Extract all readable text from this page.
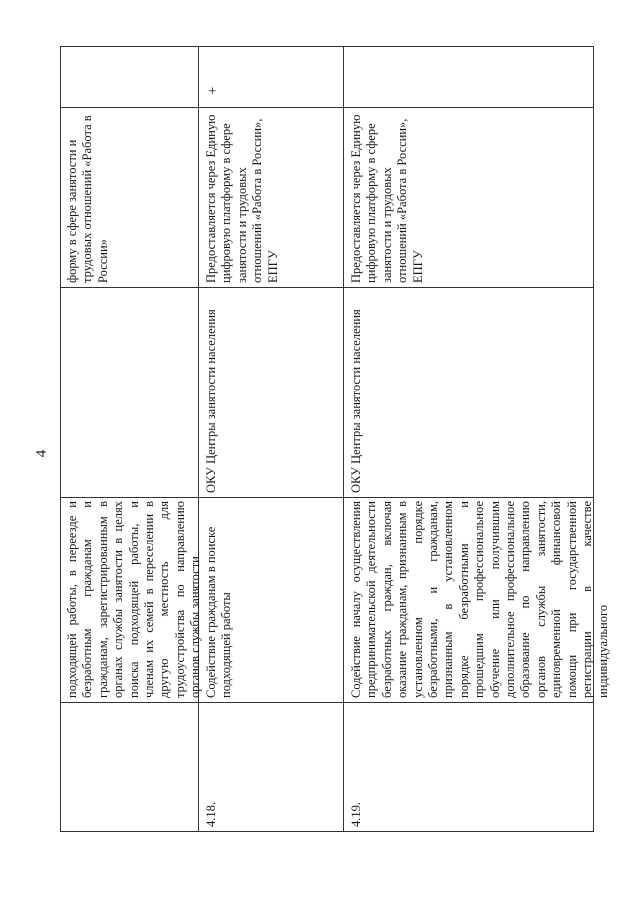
4
подходящей работы, в переезде и безработным гражданам и гражданам, зарегистрированным в органах службы занятости в целях поиска подходящей работы, и членам их семей в переселении в другую местность для трудоустройства по направлению органов службы занятости
форму в сфере занятости и трудовых отношений «Работа в России»
4.18.
Содействие гражданам в поиске подходящей работы
ОКУ Центры занятости населения
Предоставляется через Единую цифровую платформу в сфере занятости и трудовых отношений «Работа в России», ЕПГУ
+
4.19.
Содействие началу осуществления предпринимательской деятельности безработных граждан, включая оказание гражданам, признанным в установленном порядке безработными, и гражданам, признанным в установленном порядке безработными и прошедшим профессиональное обучение или получившим дополнительное профессиональное образование по направлению органов службы занятости, единовременной финансовой помощи при государственной регистрации в качестве индивидуального
ОКУ Центры занятости населения
Предоставляется через Единую цифровую платформу в сфере занятости и трудовых отношений «Работа в России», ЕПГУ
